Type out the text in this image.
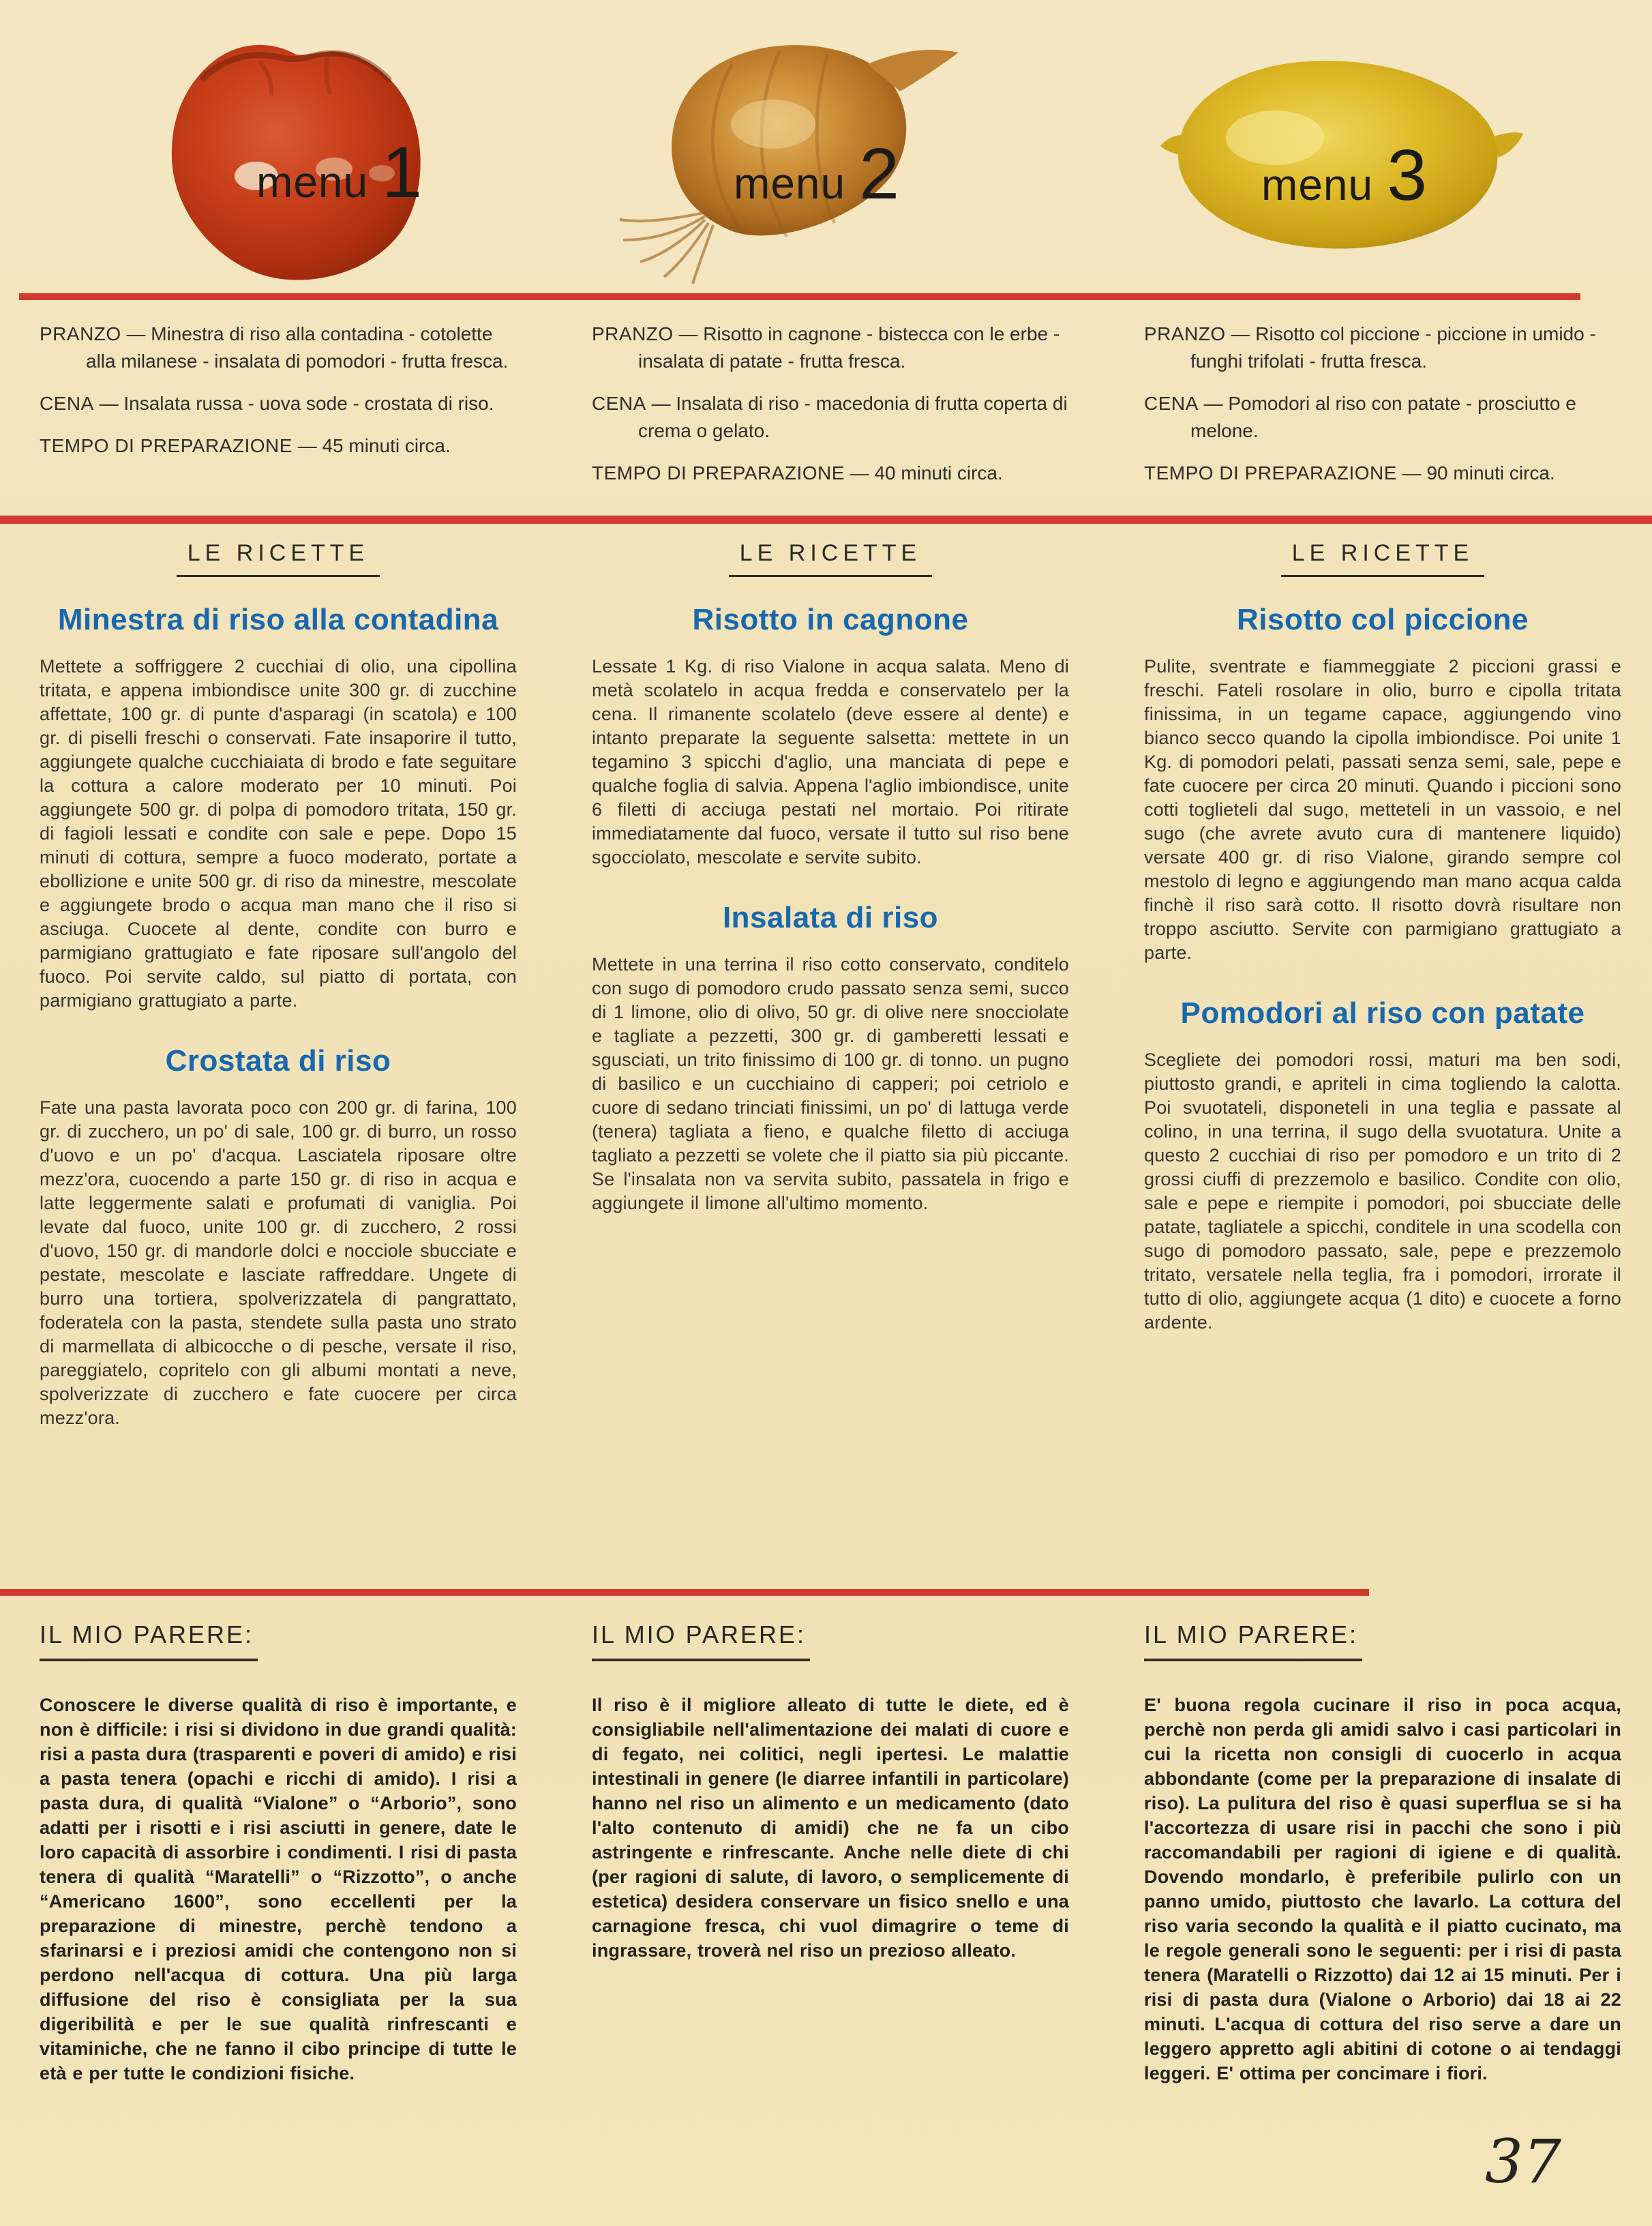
menu 1	menu 2	menu 3

PRANZO — Minestra di riso alla contadina - cotolette alla milanese - insalata di pomodori - frutta fresca.

CENA — Insalata russa - uova sode - crostata di riso.

TEMPO DI PREPARAZIONE — 45 minuti circa.

PRANZO — Risotto in cagnone - bistecca con le erbe - insalata di patate - frutta fresca.

CENA — Insalata di riso - macedonia di frutta coperta di crema o gelato.

TEMPO DI PREPARAZIONE — 40 minuti circa.

PRANZO — Risotto col piccione - piccione in umido - funghi trifolati - frutta fresca.

CENA — Pomodori al riso con patate - prosciutto e melone.

TEMPO DI PREPARAZIONE — 90 minuti circa.

LE RICETTE
Minestra di riso alla contadina

Mettete a soffriggere 2 cucchiai di olio, una cipollina tritata, e appena imbiondisce unite 300 gr. di zucchine affettate, 100 gr. di punte d'asparagi (in scatola) e 100 gr. di piselli freschi o conservati. Fate insaporire il tutto, aggiungete qualche cucchiaiata di brodo e fate seguitare la cottura a calore moderato per 10 minuti. Poi aggiungete 500 gr. di polpa di pomodoro tritata, 150 gr. di fagioli lessati e condite con sale e pepe. Dopo 15 minuti di cottura, sempre a fuoco moderato, portate a ebollizione e unite 500 gr. di riso da minestre, mescolate e aggiungete brodo o acqua man mano che il riso si asciuga. Cuocete al dente, condite con burro e parmigiano grattugiato e fate riposare sull'angolo del fuoco. Poi servite caldo, sul piatto di portata, con parmigiano grattugiato a parte.

Crostata di riso

Fate una pasta lavorata poco con 200 gr. di farina, 100 gr. di zucchero, un po' di sale, 100 gr. di burro, un rosso d'uovo e un po' d'acqua. Lasciatela riposare oltre mezz'ora, cuocendo a parte 150 gr. di riso in acqua e latte leggermente salati e profumati di vaniglia. Poi levate dal fuoco, unite 100 gr. di zucchero, 2 rossi d'uovo, 150 gr. di mandorle dolci e nocciole sbucciate e pestate, mescolate e lasciate raffreddare. Ungete di burro una tortiera, spolverizzatela di pangrattato, foderatela con la pasta, stendete sulla pasta uno strato di marmellata di albicocche o di pesche, versate il riso, pareggiatelo, copritelo con gli albumi montati a neve, spolverizzate di zucchero e fate cuocere per circa mezz'ora.

LE RICETTE
Risotto in cagnone

Lessate 1 Kg. di riso Vialone in acqua salata. Meno di metà scolatelo in acqua fredda e conservatelo per la cena. Il rimanente scolatelo (deve essere al dente) e intanto preparate la seguente salsetta: mettete in un tegamino 3 spicchi d'aglio, una manciata di pepe e qualche foglia di salvia. Appena l'aglio imbiondisce, unite 6 filetti di acciuga pestati nel mortaio. Poi ritirate immediatamente dal fuoco, versate il tutto sul riso bene sgocciolato, mescolate e servite subito.

Insalata di riso

Mettete in una terrina il riso cotto conservato, conditelo con sugo di pomodoro crudo passato senza semi, succo di 1 limone, olio di olivo, 50 gr. di olive nere snocciolate e tagliate a pezzetti, 300 gr. di gamberetti lessati e sgusciati, un trito finissimo di 100 gr. di tonno. un pugno di basilico e un cucchiaino di capperi; poi cetriolo e cuore di sedano trinciati finissimi, un po' di lattuga verde (tenera) tagliata a fieno, e qualche filetto di acciuga tagliato a pezzetti se volete che il piatto sia più piccante. Se l'insalata non va servita subito, passatela in frigo e aggiungete il limone all'ultimo momento.

LE RICETTE
Risotto col piccione

Pulite, sventrate e fiammeggiate 2 piccioni grassi e freschi. Fateli rosolare in olio, burro e cipolla tritata finissima, in un tegame capace, aggiungendo vino bianco secco quando la cipolla imbiondisce. Poi unite 1 Kg. di pomodori pelati, passati senza semi, sale, pepe e fate cuocere per circa 20 minuti. Quando i piccioni sono cotti toglieteli dal sugo, metteteli in un vassoio, e nel sugo (che avrete avuto cura di mantenere liquido) versate 400 gr. di riso Vialone, girando sempre col mestolo di legno e aggiungendo man mano acqua calda finchè il riso sarà cotto. Il risotto dovrà risultare non troppo asciutto. Servite con parmigiano grattugiato a parte.

Pomodori al riso con patate

Scegliete dei pomodori rossi, maturi ma ben sodi, piuttosto grandi, e apriteli in cima togliendo la calotta. Poi svuotateli, disponeteli in una teglia e passate al colino, in una terrina, il sugo della svuotatura. Unite a questo 2 cucchiai di riso per pomodoro e un trito di 2 grossi ciuffi di prezzemolo e basilico. Condite con olio, sale e pepe e riempite i pomodori, poi sbucciate delle patate, tagliatele a spicchi, conditele in una scodella con sugo di pomodoro passato, sale, pepe e prezzemolo tritato, versatele nella teglia, fra i pomodori, irrorate il tutto di olio, aggiungete acqua (1 dito) e cuocete a forno ardente.

IL MIO PARERE:

Conoscere le diverse qualità di riso è importante, e non è difficile: i risi si dividono in due grandi qualità: risi a pasta dura (trasparenti e poveri di amido) e risi a pasta tenera (opachi e ricchi di amido). I risi a pasta dura, di qualità “Vialone” o “Arborio”, sono adatti per i risotti e i risi asciutti in genere, date le loro capacità di assorbire i condimenti. I risi di pasta tenera di qualità “Maratelli” o “Rizzotto”, o anche “Americano 1600”, sono eccellenti per la preparazione di minestre, perchè tendono a sfarinarsi e i preziosi amidi che contengono non si perdono nell'acqua di cottura. Una più larga diffusione del riso è consigliata per la sua digeribilità e per le sue qualità rinfrescanti e vitaminiche, che ne fanno il cibo principe di tutte le età e per tutte le condizioni fisiche.

IL MIO PARERE:

Il riso è il migliore alleato di tutte le diete, ed è consigliabile nell'alimentazione dei malati di cuore e di fegato, nei colitici, negli ipertesi. Le malattie intestinali in genere (le diarree infantili in particolare) hanno nel riso un alimento e un medicamento (dato l'alto contenuto di amidi) che ne fa un cibo astringente e rinfrescante. Anche nelle diete di chi (per ragioni di salute, di lavoro, o semplicemente di estetica) desidera conservare un fisico snello e una carnagione fresca, chi vuol dimagrire o teme di ingrassare, troverà nel riso un prezioso alleato.

IL MIO PARERE:

E' buona regola cucinare il riso in poca acqua, perchè non perda gli amidi salvo i casi particolari in cui la ricetta non consigli di cuocerlo in acqua abbondante (come per la preparazione di insalate di riso). La pulitura del riso è quasi superflua se si ha l'accortezza di usare risi in pacchi che sono i più raccomandabili per ragioni di igiene e di qualità. Dovendo mondarlo, è preferibile pulirlo con un panno umido, piuttosto che lavarlo. La cottura del riso varia secondo la qualità e il piatto cucinato, ma le regole generali sono le seguenti: per i risi di pasta tenera (Maratelli o Rizzotto) dai 12 ai 15 minuti. Per i risi di pasta dura (Vialone o Arborio) dai 18 ai 22 minuti. L'acqua di cottura del riso serve a dare un leggero appretto agli abitini di cotone o ai tendaggi leggeri. E' ottima per concimare i fiori.

37
